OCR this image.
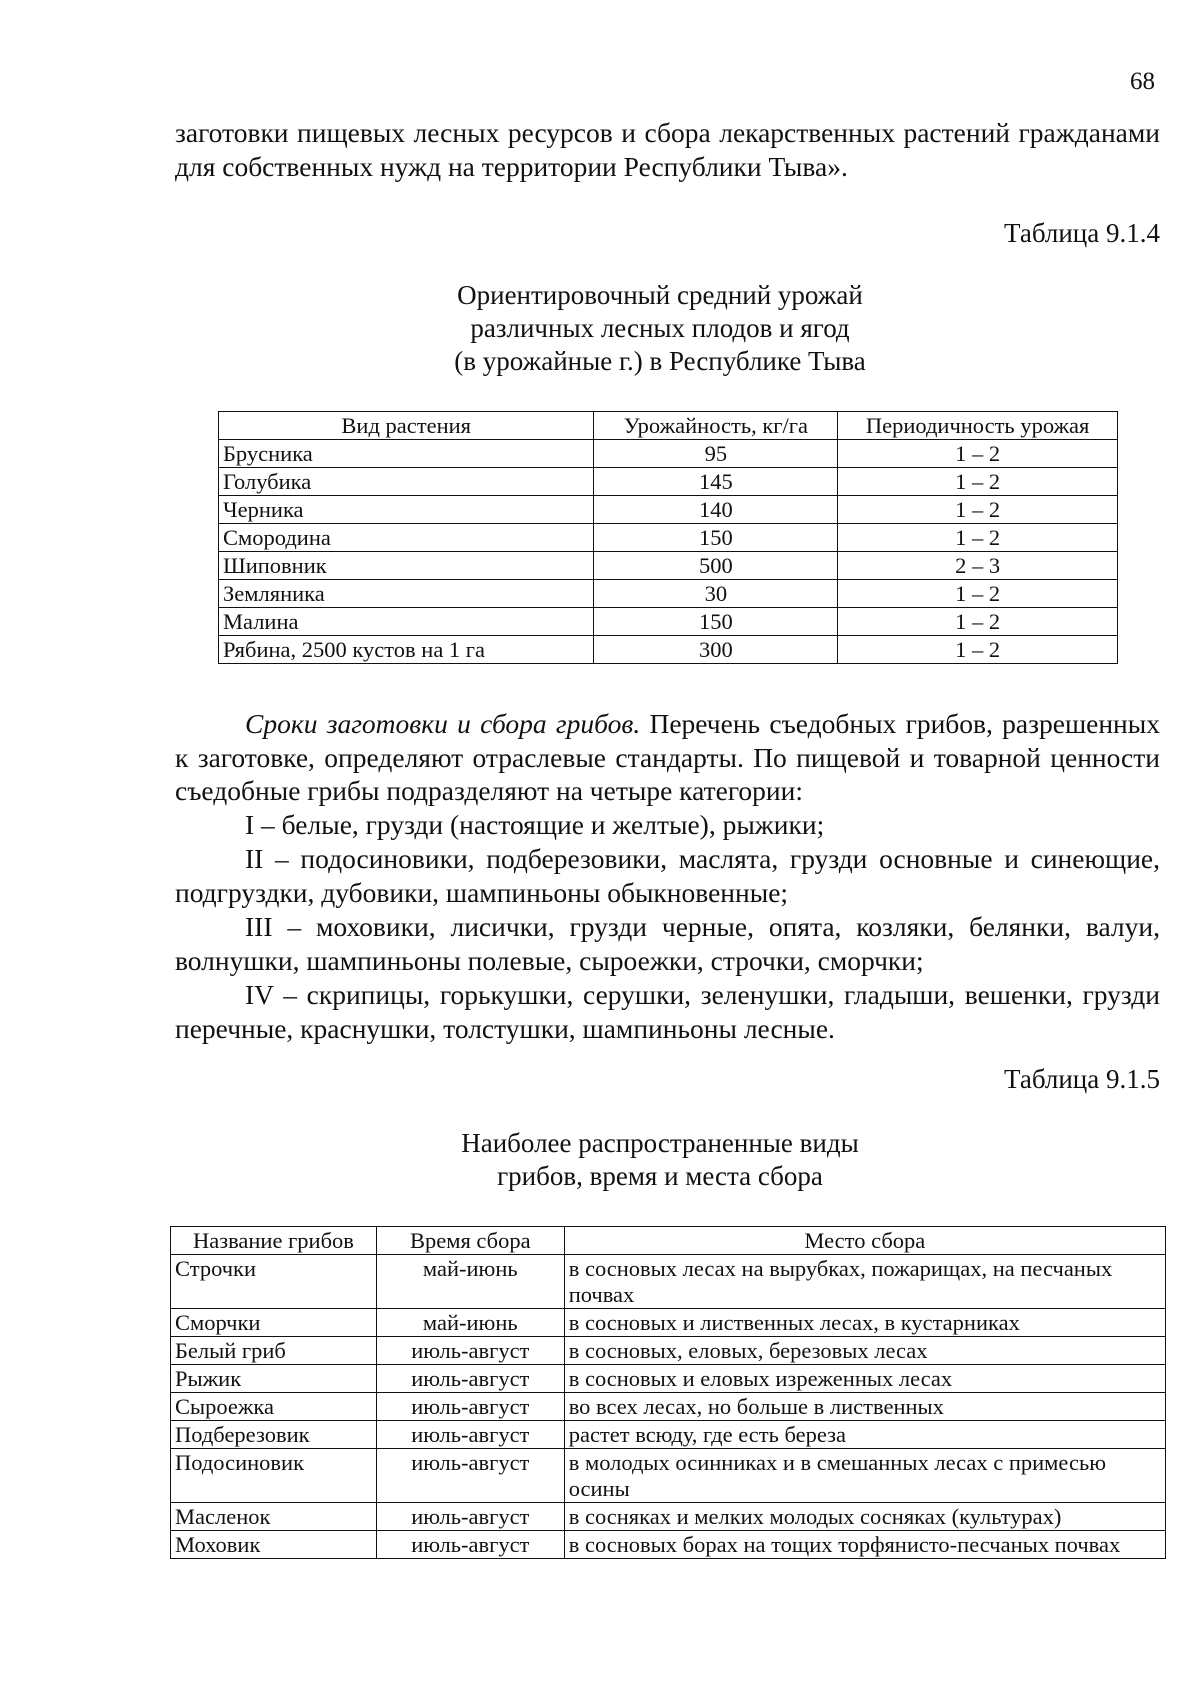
68
заготовки пищевых лесных ресурсов и сбора лекарственных растений гражданами для собственных нужд на территории Республики Тыва».
Таблица 9.1.4
Ориентировочный средний урожай
различных лесных плодов и ягод
(в урожайные г.) в Республике Тыва
Вид растения	Урожайность, кг/га	Периодичность урожая
Брусника	95	1 – 2
Голубика	145	1 – 2
Черника	140	1 – 2
Смородина	150	1 – 2
Шиповник	500	2 – 3
Земляника	30	1 – 2
Малина	150	1 – 2
Рябина, 2500 кустов на 1 га	300	1 – 2
Сроки заготовки и сбора грибов. Перечень съедобных грибов, разрешенных к заготовке, определяют отраслевые стандарты. По пищевой и товарной ценности съедобные грибы подразделяют на четыре категории:
I – белые, грузди (настоящие и желтые), рыжики;
II – подосиновики, подберезовики, маслята, грузди основные и синеющие, подгруздки, дубовики, шампиньоны обыкновенные;
III – моховики, лисички, грузди черные, опята, козляки, белянки, валуи, волнушки, шампиньоны полевые, сыроежки, строчки, сморчки;
IV – скрипицы, горькушки, серушки, зеленушки, гладыши, вешенки, грузди перечные, краснушки, толстушки, шампиньоны лесные.
Таблица 9.1.5
Наиболее распространенные виды
грибов, время и места сбора
Название грибов	Время сбора	Место сбора
Строчки	май-июнь	в сосновых лесах на вырубках, пожарищах, на песчаных почвах
Сморчки	май-июнь	в сосновых и лиственных лесах, в кустарниках
Белый гриб	июль-август	в сосновых, еловых, березовых лесах
Рыжик	июль-август	в сосновых и еловых изреженных лесах
Сыроежка	июль-август	во всех лесах, но больше в лиственных
Подберезовик	июль-август	растет всюду, где есть береза
Подосиновик	июль-август	в молодых осинниках и в смешанных лесах с примесью осины
Масленок	июль-август	в сосняках и мелких молодых сосняках (культурах)
Моховик	июль-август	в сосновых борах на тощих торфянисто-песчаных почвах
